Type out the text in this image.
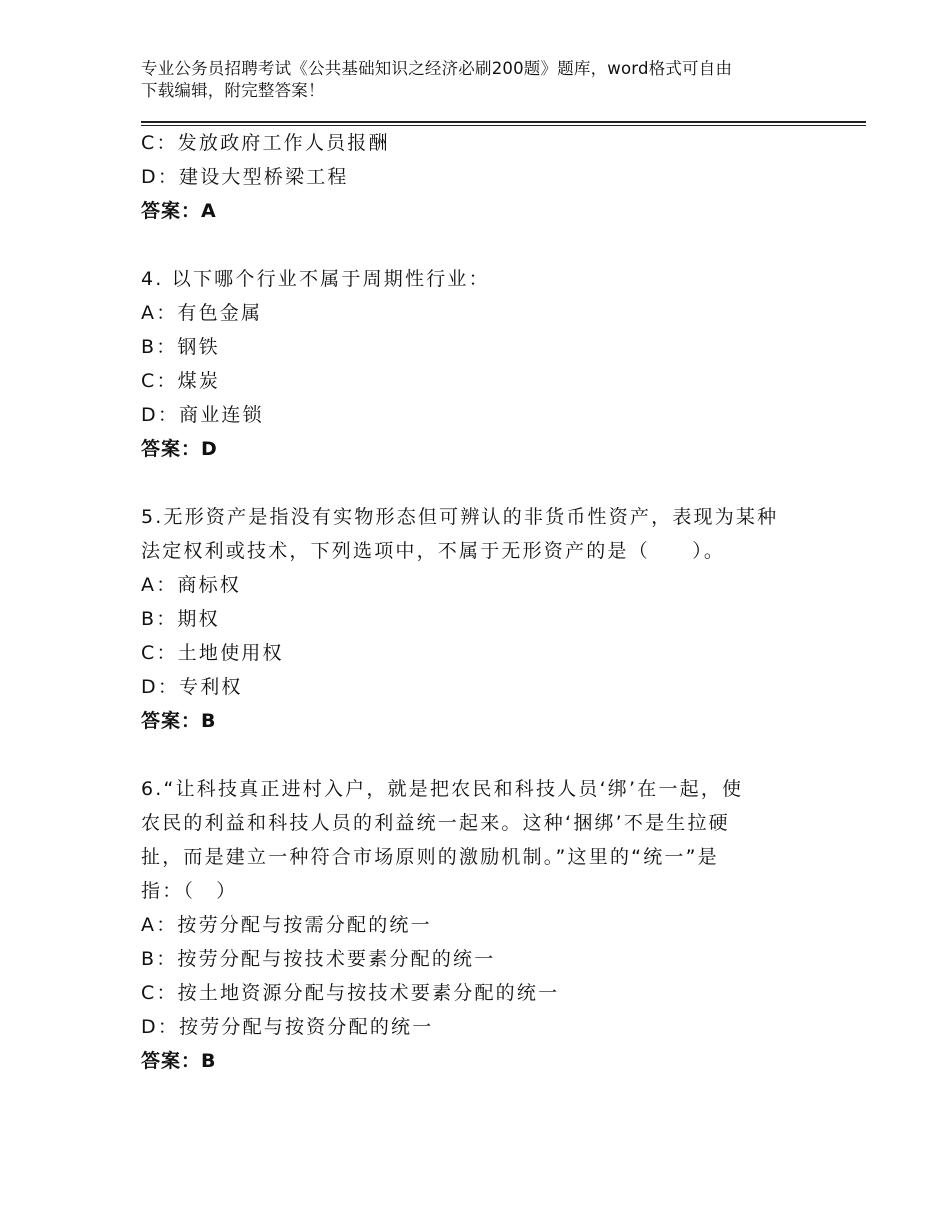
专业公务员招聘考试《公共基础知识之经济必刷200题》题库，word格式可自由
下载编辑，附完整答案！
C：发放政府工作人员报酬
D：建设大型桥梁工程
答案：A
4. 以下哪个行业不属于周期性行业：
A：有色金属
B：钢铁
C：煤炭
D：商业连锁
答案：D
5.无形资产是指没有实物形态但可辨认的非货币性资产，表现为某种
法定权利或技术，下列选项中，不属于无形资产的是（　　）。
A：商标权
B：期权
C：土地使用权
D：专利权
答案：B
6.“让科技真正进村入户，就是把农民和科技人员‘绑’在一起，使
农民的利益和科技人员的利益统一起来。这种‘捆绑’不是生拉硬
扯，而是建立一种符合市场原则的激励机制。”这里的“统一”是
指：（　）
A：按劳分配与按需分配的统一
B：按劳分配与按技术要素分配的统一
C：按土地资源分配与按技术要素分配的统一
D：按劳分配与按资分配的统一
答案：B
